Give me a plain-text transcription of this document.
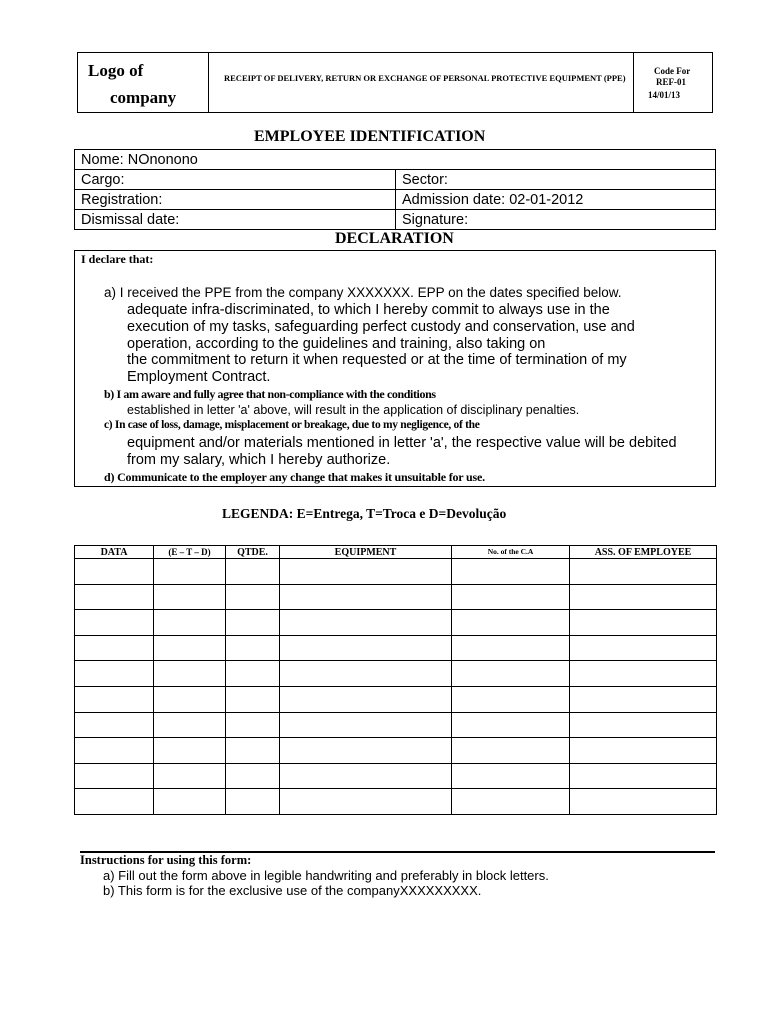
Logo of
company
RECEIPT OF DELIVERY, RETURN OR EXCHANGE OF PERSONAL PROTECTIVE EQUIPMENT (PPE)
Code For
REF-01
14/01/13
EMPLOYEE IDENTIFICATION
Nome: NOnonono	
Cargo:	Sector:
Registration:	Admission date: 02-01-2012
Dismissal date:	Signature:
DECLARATION
I declare that:
a) I received the PPE from the company XXXXXXX. EPP on the dates specified below.
adequate infra-discriminated, to which I hereby commit to always use in the
execution of my tasks, safeguarding perfect custody and conservation, use and
operation, according to the guidelines and training, also taking on
the commitment to return it when requested or at the time of termination of my
Employment Contract.
b) I am aware and fully agree that non-compliance with the conditions
established in letter 'a' above, will result in the application of disciplinary penalties.
c) In case of loss, damage, misplacement or breakage, due to my negligence, of the
equipment and/or materials mentioned in letter 'a', the respective value will be debited
from my salary, which I hereby authorize.
d) Communicate to the employer any change that makes it unsuitable for use.
LEGENDA: E=Entrega, T=Troca e D=Devolução
DATA	(E – T – D)	QTDE.	EQUIPMENT	No. of the C.A	ASS. OF EMPLOYEE

Instructions for using this form:
a) Fill out the form above in legible handwriting and preferably in block letters.
b) This form is for the exclusive use of the companyXXXXXXXXX.
